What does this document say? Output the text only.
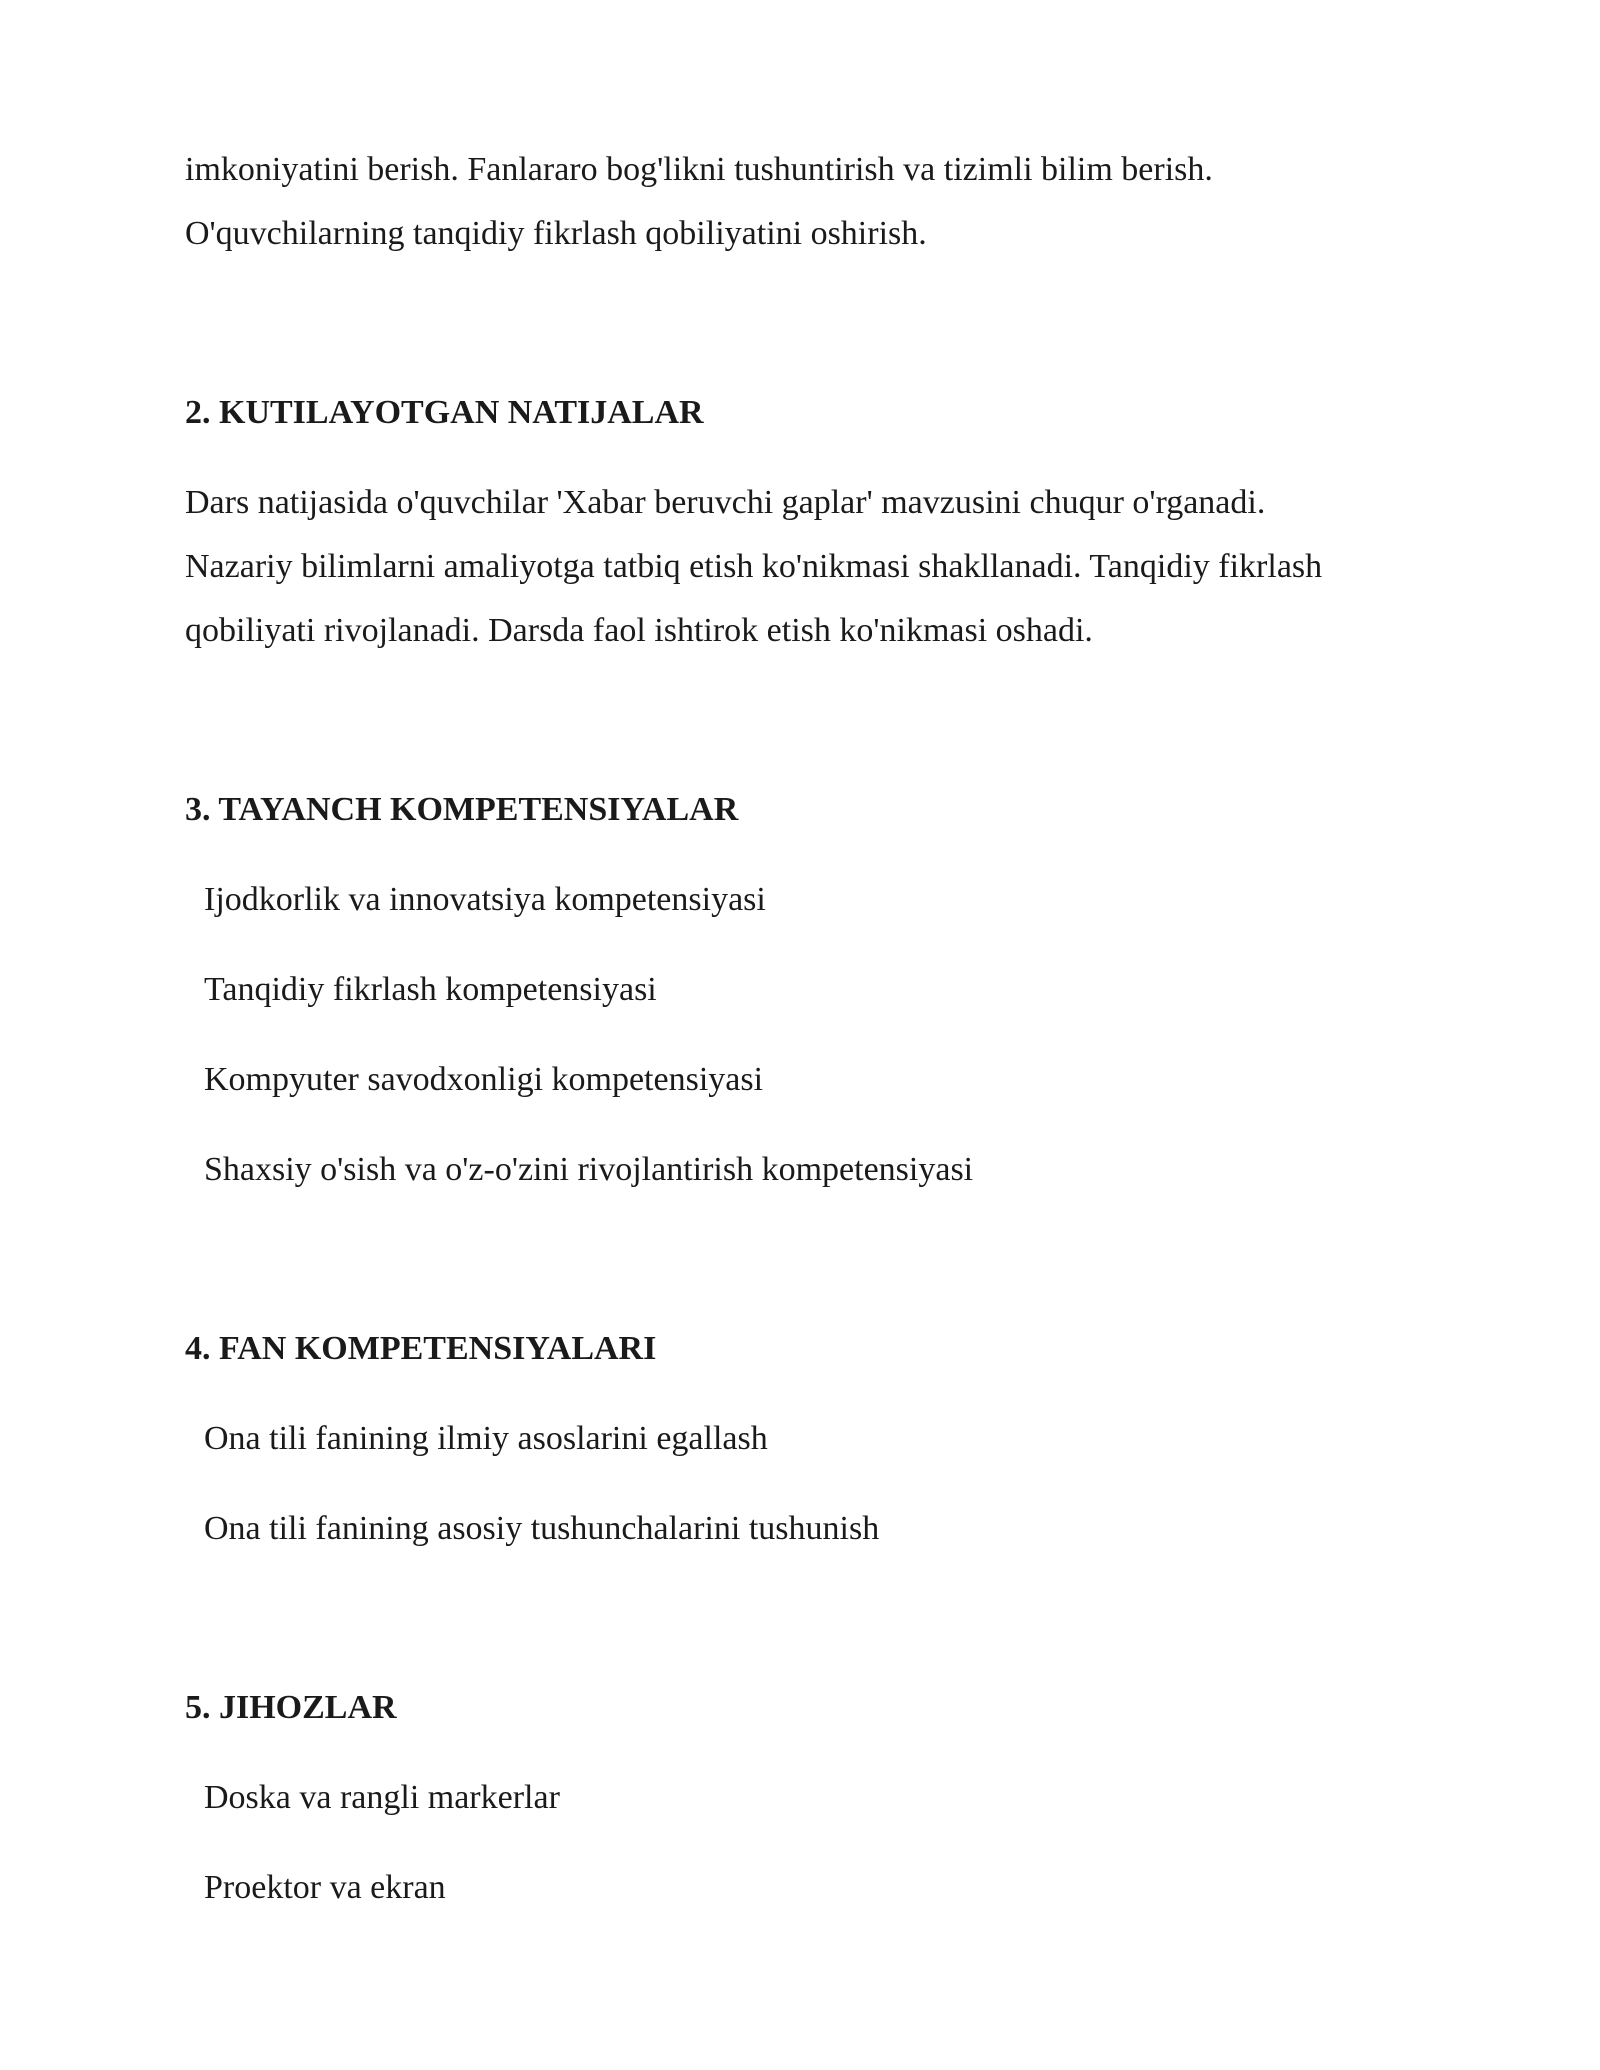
imkoniyatini berish. Fanlararo bog'likni tushuntirish va tizimli bilim berish.

O'quvchilarning tanqidiy fikrlash qobiliyatini oshirish.

2. KUTILAYOTGAN NATIJALAR

Dars natijasida o'quvchilar 'Xabar beruvchi gaplar' mavzusini chuqur o'rganadi.

Nazariy bilimlarni amaliyotga tatbiq etish ko'nikmasi shakllanadi. Tanqidiy fikrlash

qobiliyati rivojlanadi. Darsda faol ishtirok etish ko'nikmasi oshadi.

3. TAYANCH KOMPETENSIYALAR
Ijodkorlik va innovatsiya kompetensiyasi
Tanqidiy fikrlash kompetensiyasi
Kompyuter savodxonligi kompetensiyasi
Shaxsiy o'sish va o'z-o'zini rivojlantirish kompetensiyasi
4. FAN KOMPETENSIYALARI
Ona tili fanining ilmiy asoslarini egallash
Ona tili fanining asosiy tushunchalarini tushunish
5. JIHOZLAR
Doska va rangli markerlar
Proektor va ekran
